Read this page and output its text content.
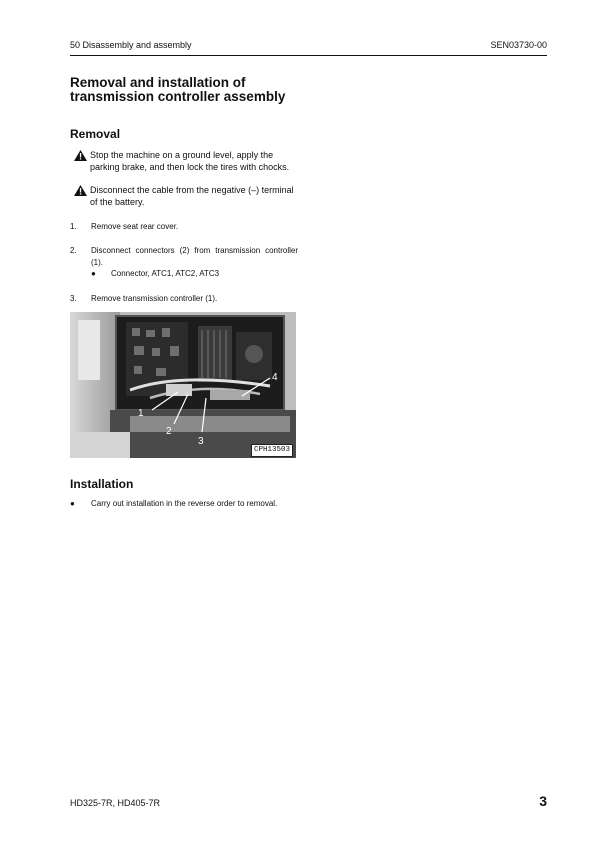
50 Disassembly and assembly	SEN03730-00
Removal and installation of transmission controller assembly
Removal
Stop the machine on a ground level, apply the parking brake, and then lock the tires with chocks.
Disconnect the cable from the negative (–) terminal of the battery.
1.	Remove seat rear cover.
2.	Disconnect connectors (2) from transmission controller (1).
● Connector, ATC1, ATC2, ATC3
3.	Remove transmission controller (1).
1
2
3
4
CPH13503
Installation
●	Carry out installation in the reverse order to removal.
HD325-7R, HD405-7R	3
